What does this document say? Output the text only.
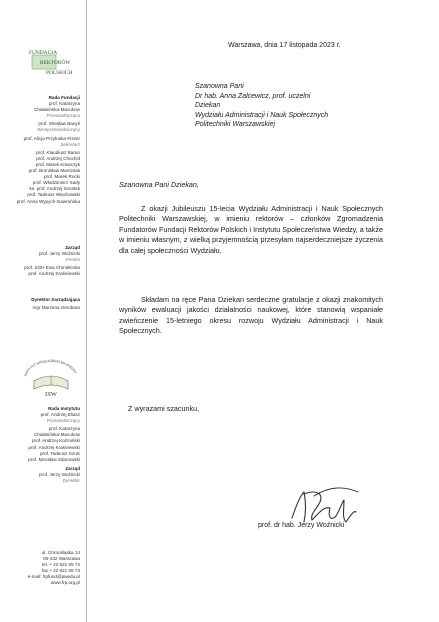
FUNDACJA
REKTORÓW
POLSKICH
Rada Fundacji
prof. Katarzyna
Chałasińska-Macukow
Przewodnicząca
prof. Wiesław Banyś
Wiceprzewodniczący
prof. Alicja Przyłuska-Fiszer
Sekretarz
prof. Klaudiusz Baran
prof. Andrzej Chochół
prof. Marek Krawczyk
prof. Bronisław Marciniak
prof. Marek Rocki
prof. Włodzimierz Sady
ks. prof. Andrzej Szostek
prof. Tadeusz Więckowski
prof. Anna Wypych-Gawrońska
Zarząd
prof. Jerzy Woźnicki
Prezes
prof. SGH Ewa Chmielecka
prof. Andrzej Kraśniewski
Dyrektor Zarządzająca
mgr Marzena Gembara
INSTYTUT SPOŁECZEŃSTWA WIEDZY
ISW
Rada Instytutu
prof. Andrzej Eliasz
Przewodniczący
prof. Katarzyna
Chałasińska-Macukow
prof. Andrzej Koźmiński
prof. Andrzej Kraśniewski
prof. Tadeusz Szulc
prof. Mirosław Zdanowski
Zarząd
prof. Jerzy Woźnicki
Dyrektor
ul. Górnośląska 14
00-432 Warszawa
tel. + 22 621 09 72
fax + 22 621 09 73
e-mail: frpfund@pwedu.pl
www.frp.org.pl
Warszawa, dnia 17 listopada 2023 r.
Szanowna Pani
Dr hab. Anna Zalcewicz, prof. uczelni
Dziekan
Wydziału Administracji i Nauk Społecznych
Politechniki Warszawskiej
Szanowna Pani Dziekan,
Z okazji Jubileuszu 15-lecia Wydziału Administracji i Nauk Społecznych Politechniki Warszawskiej, w imieniu rektorów – członków Zgromadzenia Fundatorów Fundacji Rektorów Polskich i Instytutu Społeczeństwa Wiedzy, a także w imieniu własnym, z wielką przyjemnością przesyłam najserdeczniejsze życzenia dla całej społeczności Wydziału.
Składam na ręce Pana Dziekan serdeczne gratulacje z okazji znakomitych wyników ewaluacji jakości działalności naukowej, które stanowią wspaniałe zwieńczenie 15-letniego okresu rozwoju Wydziału Administracji i Nauk Społecznych.
Z wyrazami szacunku,
prof. dr hab. Jerzy Woźnicki
